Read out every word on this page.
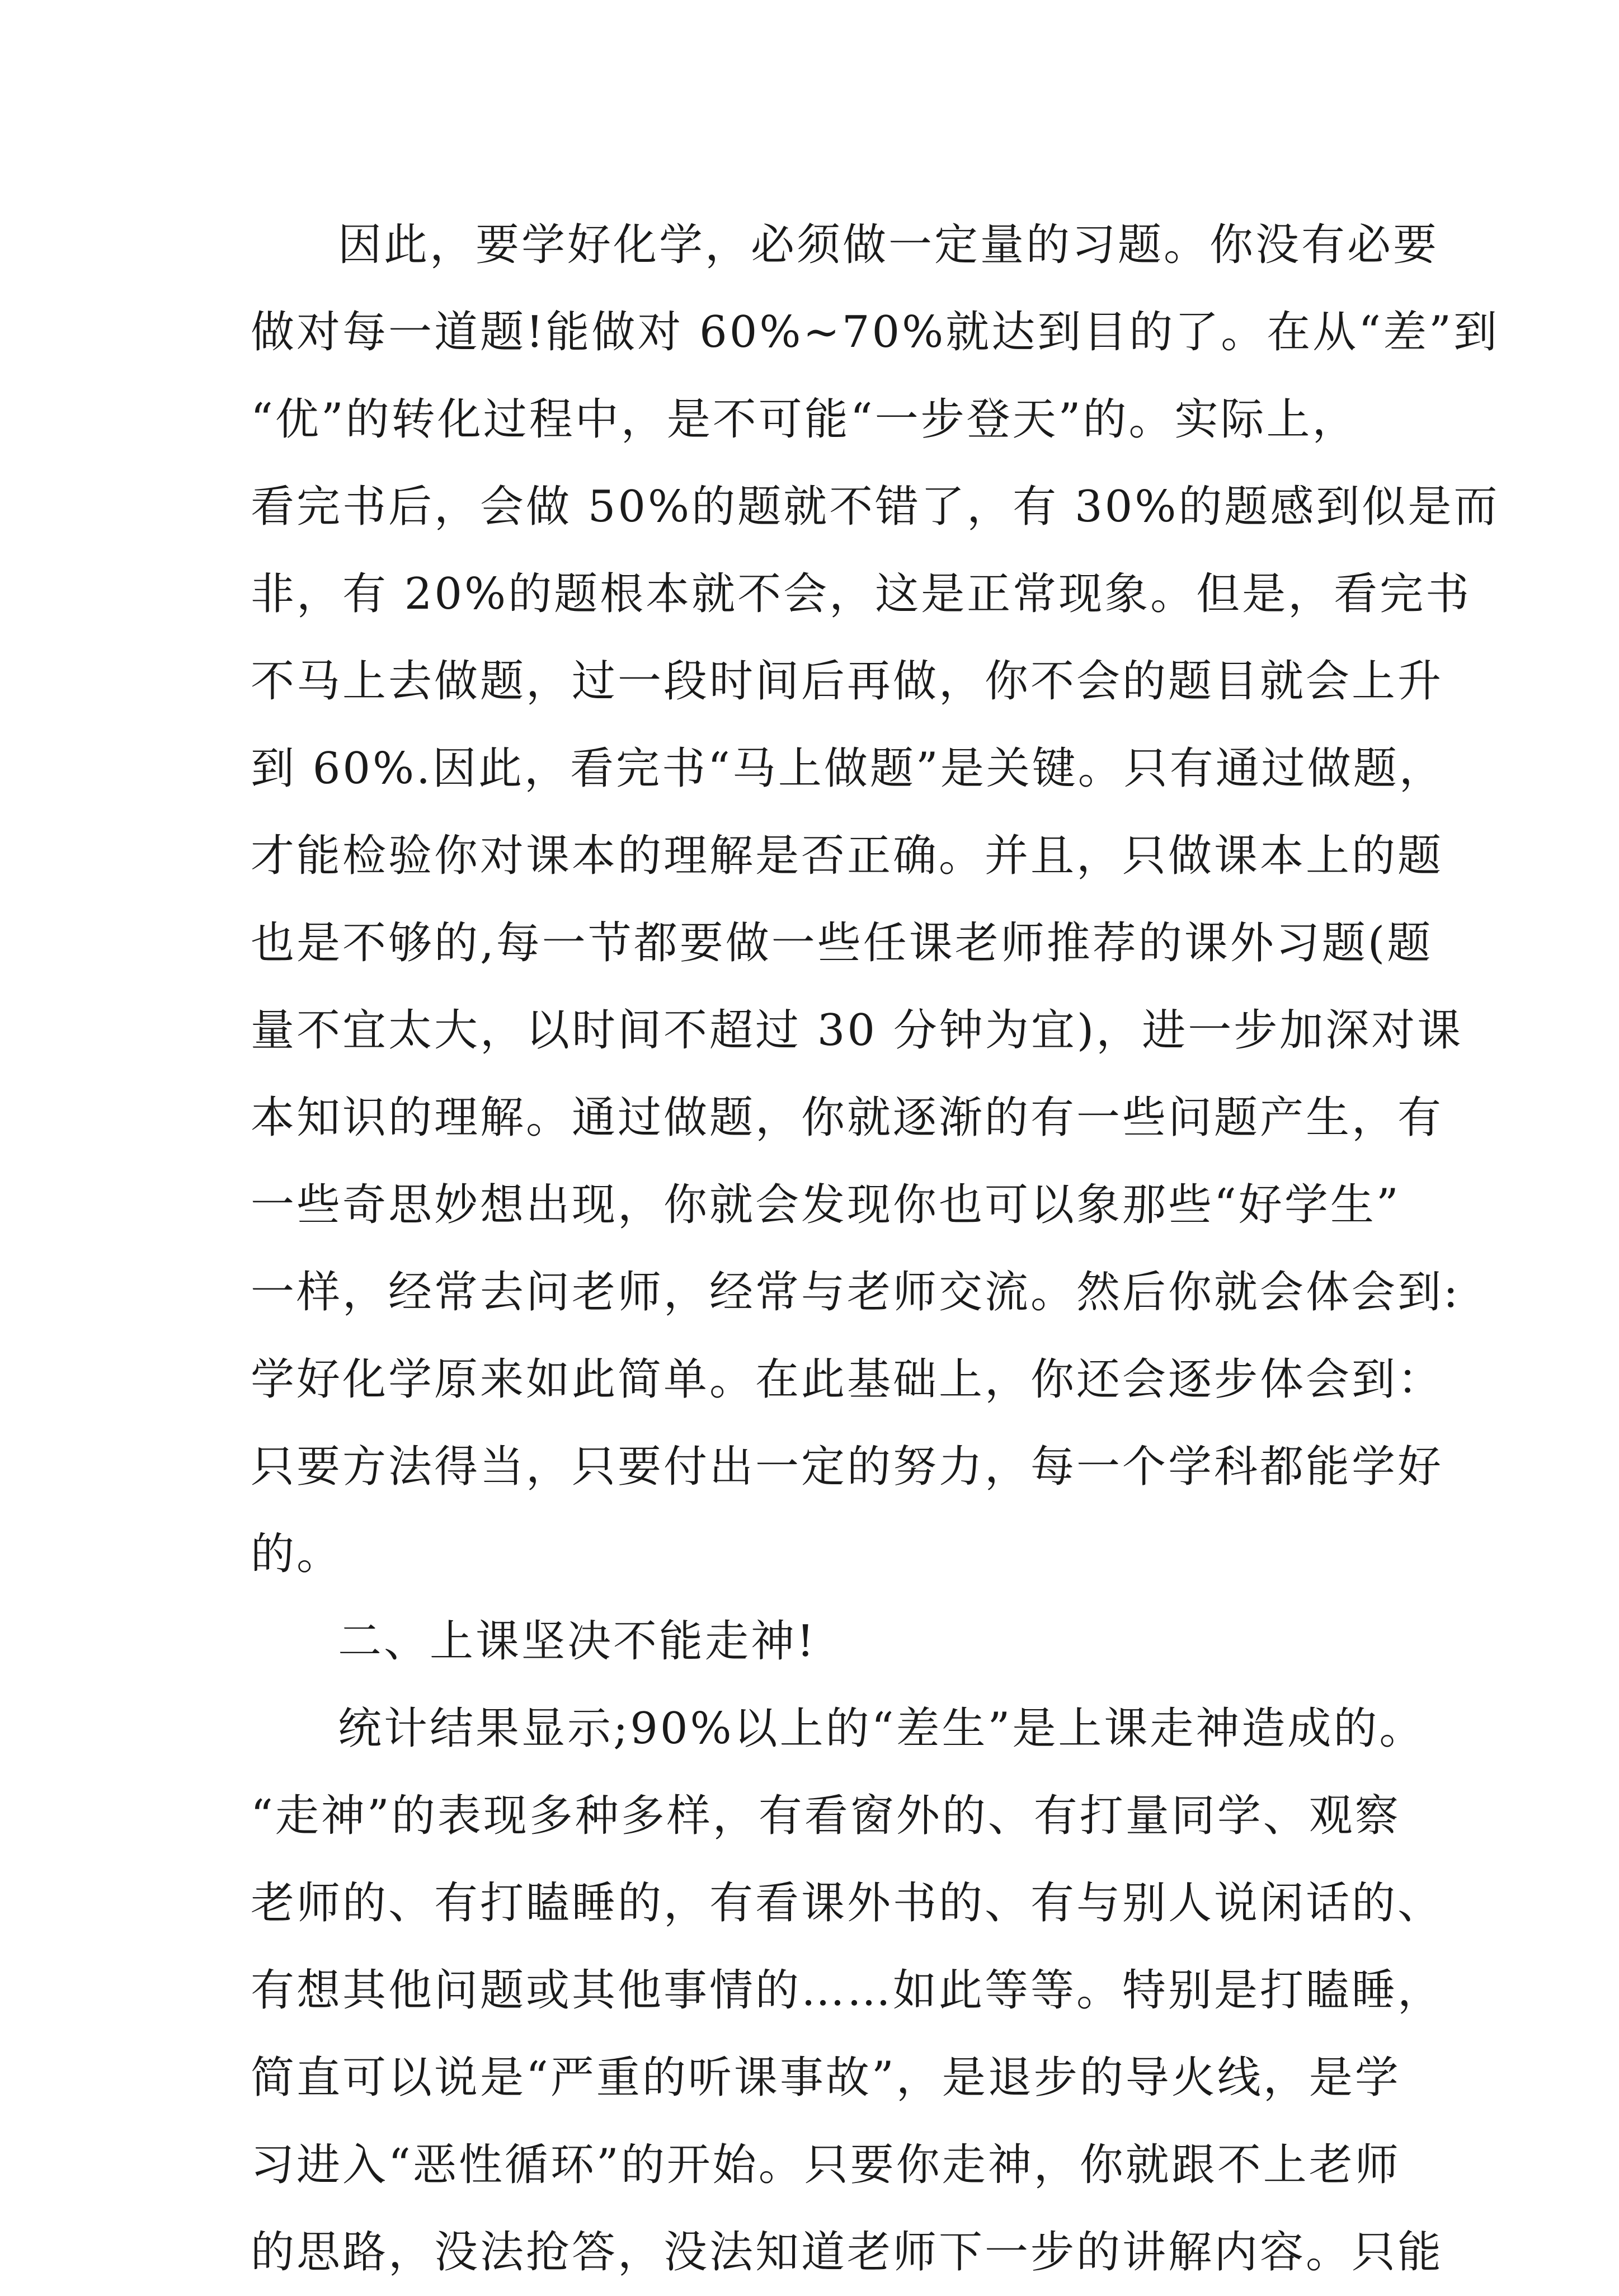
因此，要学好化学，必须做一定量的习题。你没有必要
做对每一道题!能做对 60%~70%就达到目的了。在从“差”到
“优”的转化过程中，是不可能“一步登天”的。实际上，
看完书后，会做 50%的题就不错了，有 30%的题感到似是而
非，有 20%的题根本就不会，这是正常现象。但是，看完书
不马上去做题，过一段时间后再做，你不会的题目就会上升
到 60%.因此，看完书“马上做题”是关键。只有通过做题，
才能检验你对课本的理解是否正确。并且，只做课本上的题
也是不够的,每一节都要做一些任课老师推荐的课外习题(题
量不宜太大，以时间不超过 30 分钟为宜)，进一步加深对课
本知识的理解。通过做题，你就逐渐的有一些问题产生，有
一些奇思妙想出现，你就会发现你也可以象那些“好学生”
一样，经常去问老师，经常与老师交流。然后你就会体会到:
学好化学原来如此简单。在此基础上，你还会逐步体会到：
只要方法得当，只要付出一定的努力，每一个学科都能学好
的。
二、上课坚决不能走神!
统计结果显示;90%以上的“差生”是上课走神造成的。
“走神”的表现多种多样，有看窗外的、有打量同学、观察
老师的、有打瞌睡的，有看课外书的、有与别人说闲话的、
有想其他问题或其他事情的……如此等等。特别是打瞌睡，
简直可以说是“严重的听课事故”，是退步的导火线，是学
习进入“恶性循环”的开始。只要你走神，你就跟不上老师
的思路，没法抢答，没法知道老师下一步的讲解内容。只能
